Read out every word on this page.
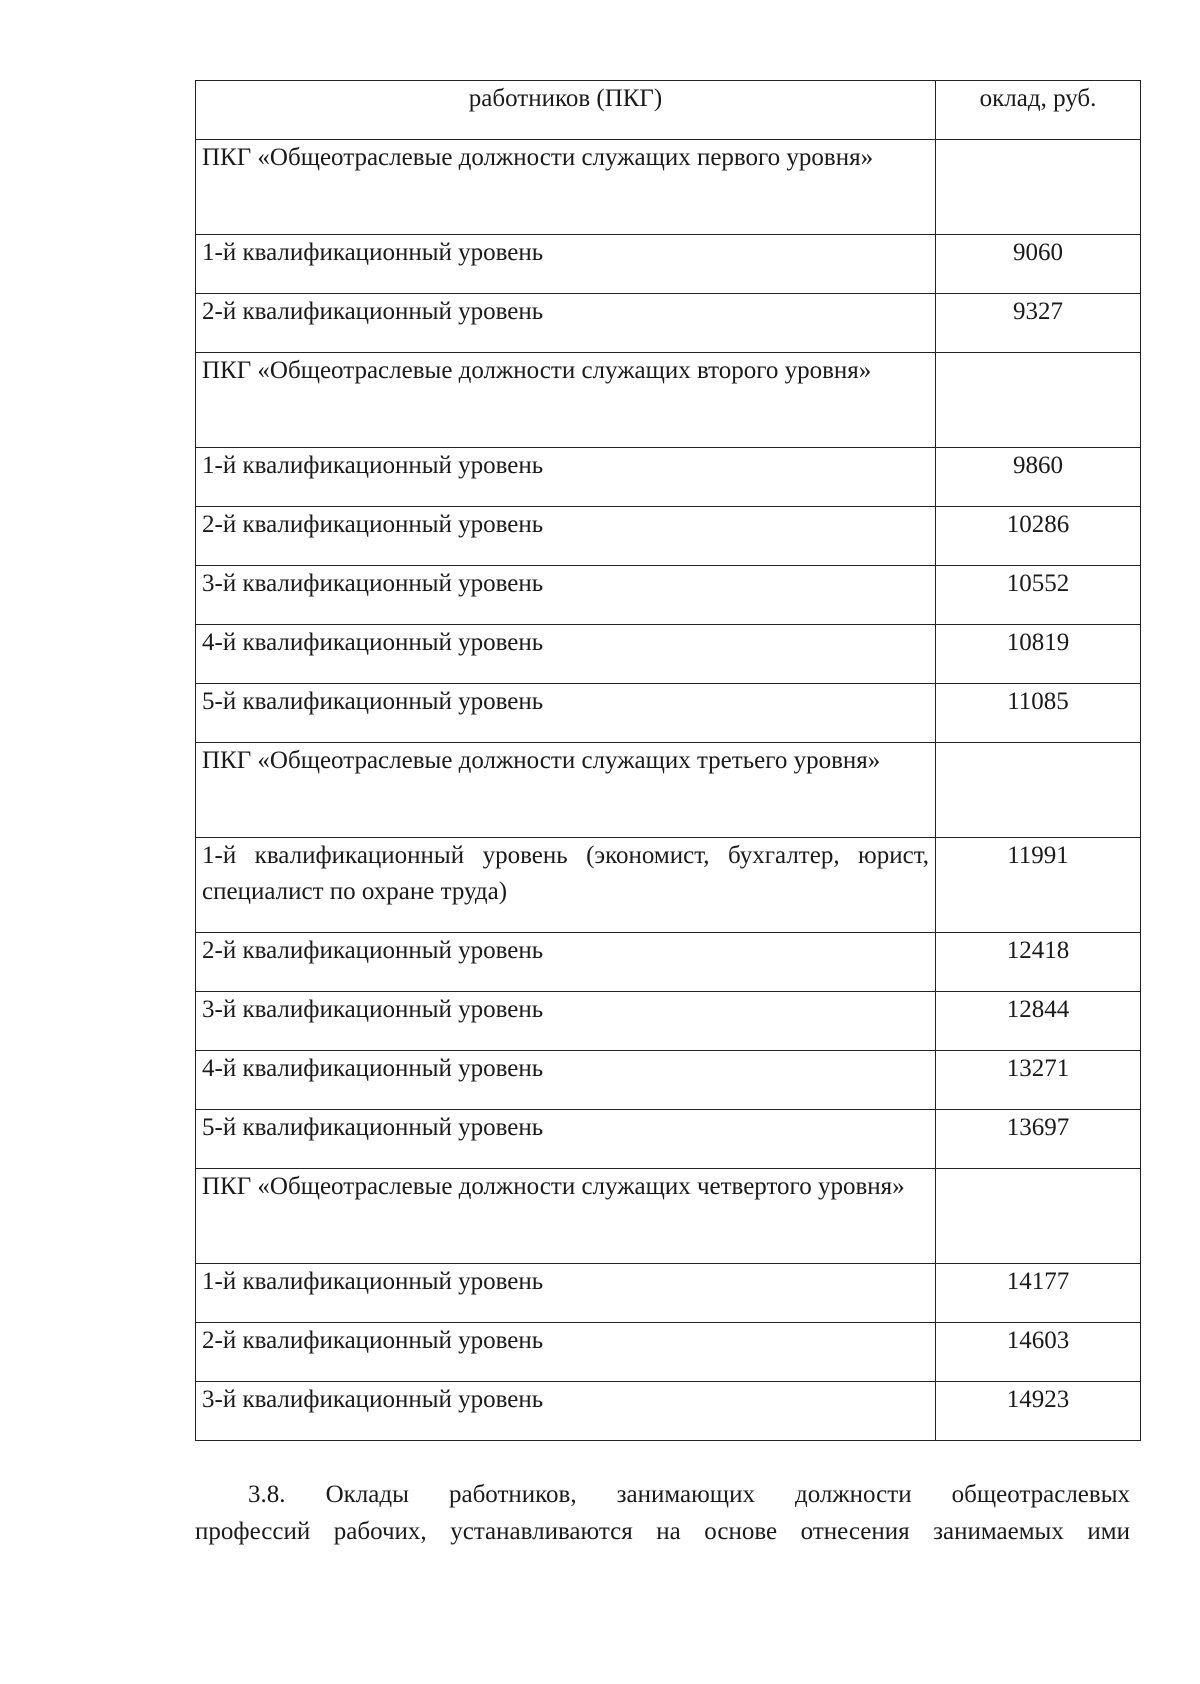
работников (ПКГ)	оклад, руб.
ПКГ «Общеотраслевые должности служащих первого уровня»	
1-й квалификационный уровень	9060
2-й квалификационный уровень	9327
ПКГ «Общеотраслевые должности служащих второго уровня»	
1-й квалификационный уровень	9860
2-й квалификационный уровень	10286
3-й квалификационный уровень	10552
4-й квалификационный уровень	10819
5-й квалификационный уровень	11085
ПКГ «Общеотраслевые должности служащих третьего уровня»	
1-й квалификационный уровень (экономист, бухгалтер, юрист, специалист по охране труда)	11991
2-й квалификационный уровень	12418
3-й квалификационный уровень	12844
4-й квалификационный уровень	13271
5-й квалификационный уровень	13697
ПКГ «Общеотраслевые должности служащих четвертого уровня»	
1-й квалификационный уровень	14177
2-й квалификационный уровень	14603
3-й квалификационный уровень	14923
3.8. Оклады работников, занимающих должности общеотраслевых
профессий рабочих, устанавливаются на основе отнесения занимаемых ими
